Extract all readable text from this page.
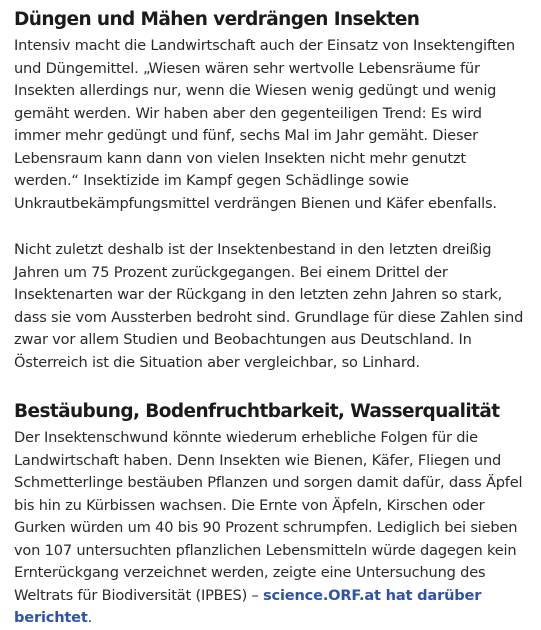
Düngen und Mähen verdrängen Insekten

Intensiv macht die Landwirtschaft auch der Einsatz von Insektengiften
und Düngemittel. „Wiesen wären sehr wertvolle Lebensräume für
Insekten allerdings nur, wenn die Wiesen wenig gedüngt und wenig
gemäht werden. Wir haben aber den gegenteiligen Trend: Es wird
immer mehr gedüngt und fünf, sechs Mal im Jahr gemäht. Dieser
Lebensraum kann dann von vielen Insekten nicht mehr genutzt
werden.“ Insektizide im Kampf gegen Schädlinge sowie
Unkrautbekämpfungsmittel verdrängen Bienen und Käfer ebenfalls.

Nicht zuletzt deshalb ist der Insektenbestand in den letzten dreißig
Jahren um 75 Prozent zurückgegangen. Bei einem Drittel der
Insektenarten war der Rückgang in den letzten zehn Jahren so stark,
dass sie vom Aussterben bedroht sind. Grundlage für diese Zahlen sind
zwar vor allem Studien und Beobachtungen aus Deutschland. In
Österreich ist die Situation aber vergleichbar, so Linhard.

Bestäubung, Bodenfruchtbarkeit, Wasserqualität

Der Insektenschwund könnte wiederum erhebliche Folgen für die
Landwirtschaft haben. Denn Insekten wie Bienen, Käfer, Fliegen und
Schmetterlinge bestäuben Pflanzen und sorgen damit dafür, dass Äpfel
bis hin zu Kürbissen wachsen. Die Ernte von Äpfeln, Kirschen oder
Gurken würden um 40 bis 90 Prozent schrumpfen. Lediglich bei sieben
von 107 untersuchten pflanzlichen Lebensmitteln würde dagegen kein
Ernterückgang verzeichnet werden, zeigte eine Untersuchung des
Weltrats für Biodiversität (IPBES) – science.ORF.at hat darüber
berichtet.
